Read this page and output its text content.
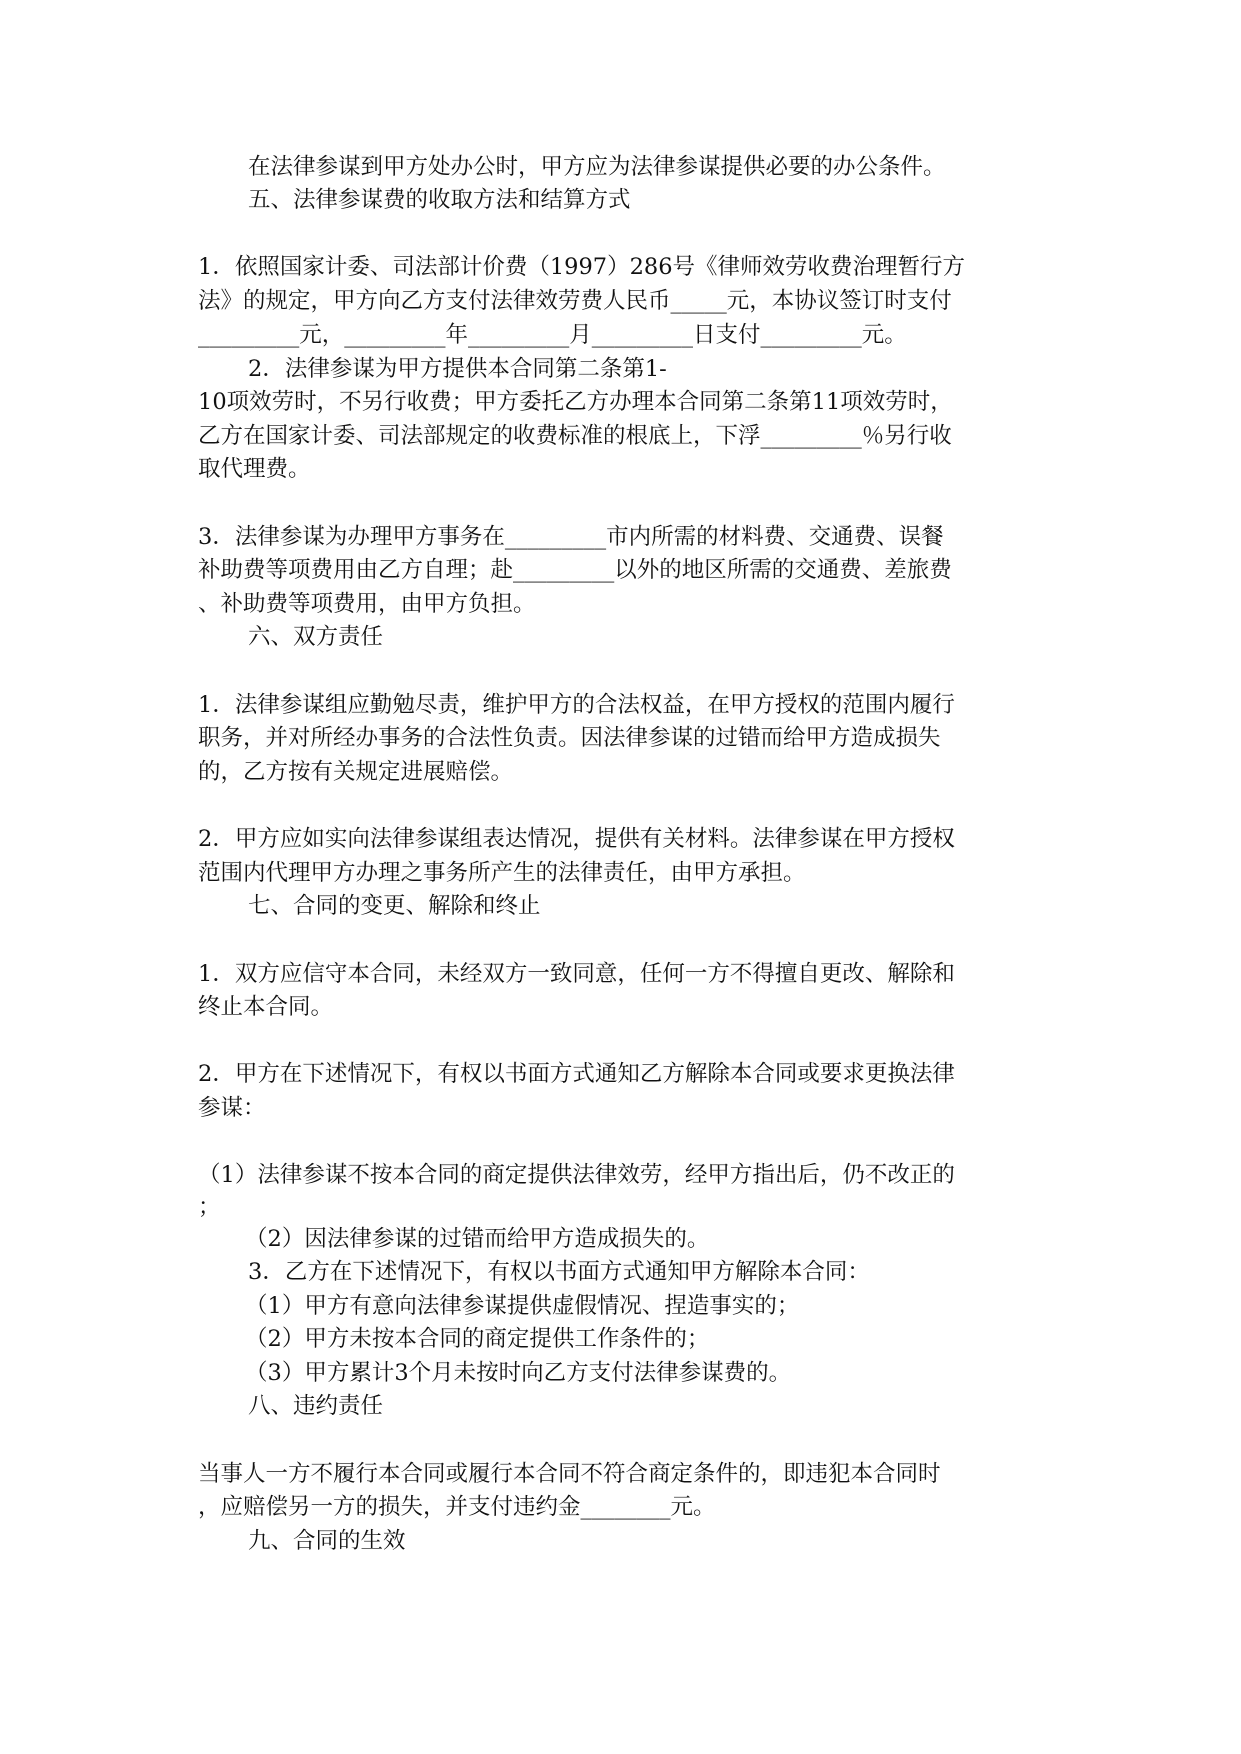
在法律参谋到甲方处办公时，甲方应为法律参谋提供必要的办公条件。

五、法律参谋费的收取方法和结算方式

1．依照国家计委、司法部计价费（1997）286号《律师效劳收费治理暂行方

法》的规定，甲方向乙方支付法律效劳费人民币_____元，本协议签订时支付

_________元，_________年_________月_________日支付_________元。

2．法律参谋为甲方提供本合同第二条第1-

10项效劳时，不另行收费；甲方委托乙方办理本合同第二条第11项效劳时，

乙方在国家计委、司法部规定的收费标准的根底上，下浮_________％另行收

取代理费。

3．法律参谋为办理甲方事务在_________市内所需的材料费、交通费、误餐

补助费等项费用由乙方自理；赴_________以外的地区所需的交通费、差旅费

、补助费等项费用，由甲方负担。

六、双方责任

1．法律参谋组应勤勉尽责，维护甲方的合法权益，在甲方授权的范围内履行

职务，并对所经办事务的合法性负责。因法律参谋的过错而给甲方造成损失

的，乙方按有关规定进展赔偿。

2．甲方应如实向法律参谋组表达情况，提供有关材料。法律参谋在甲方授权

范围内代理甲方办理之事务所产生的法律责任，由甲方承担。

七、合同的变更、解除和终止

1．双方应信守本合同，未经双方一致同意，任何一方不得擅自更改、解除和

终止本合同。

2．甲方在下述情况下，有权以书面方式通知乙方解除本合同或要求更换法律

参谋：

（1）法律参谋不按本合同的商定提供法律效劳，经甲方指出后，仍不改正的

；

（2）因法律参谋的过错而给甲方造成损失的。

3．乙方在下述情况下，有权以书面方式通知甲方解除本合同：

（1）甲方有意向法律参谋提供虚假情况、捏造事实的；

（2）甲方未按本合同的商定提供工作条件的；

（3）甲方累计3个月未按时向乙方支付法律参谋费的。

八、违约责任

当事人一方不履行本合同或履行本合同不符合商定条件的，即违犯本合同时

，应赔偿另一方的损失，并支付违约金________元。

九、合同的生效
